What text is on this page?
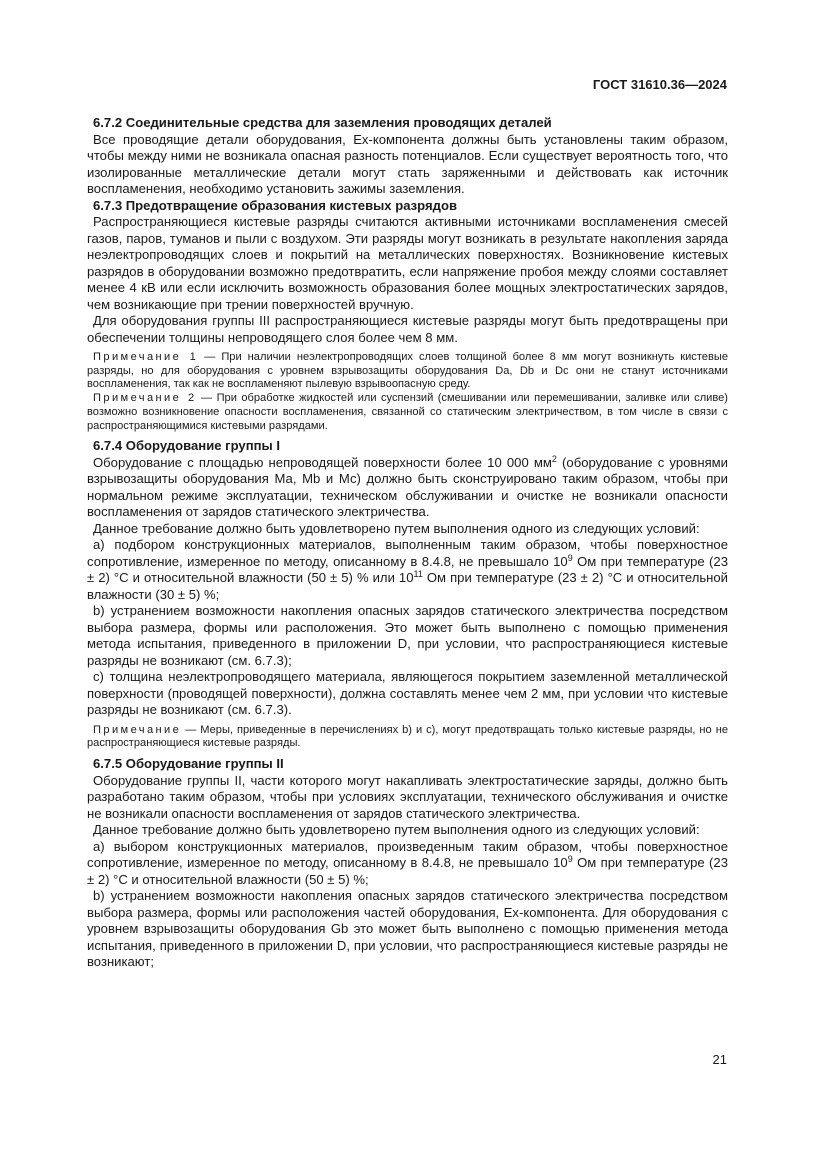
ГОСТ 31610.36—2024

6.7.2 Соединительные средства для заземления проводящих деталей

Все проводящие детали оборудования, Ex-компонента должны быть установлены таким образом, чтобы между ними не возникала опасная разность потенциалов. Если существует вероятность того, что изолированные металлические детали могут стать заряженными и действовать как источник воспламенения, необходимо установить зажимы заземления.

6.7.3 Предотвращение образования кистевых разрядов

Распространяющиеся кистевые разряды считаются активными источниками воспламенения смесей газов, паров, туманов и пыли с воздухом. Эти разряды могут возникать в результате накопления заряда неэлектропроводящих слоев и покрытий на металлических поверхностях. Возникновение кистевых разрядов в оборудовании возможно предотвратить, если напряжение пробоя между слоями составляет менее 4 кВ или если исключить возможность образования более мощных электростатических зарядов, чем возникающие при трении поверхностей вручную.

Для оборудования группы III распространяющиеся кистевые разряды могут быть предотвращены при обеспечении толщины непроводящего слоя более чем 8 мм.

Примечание 1 — При наличии неэлектропроводящих слоев толщиной более 8 мм могут возникнуть кистевые разряды, но для оборудования с уровнем взрывозащиты оборудования Da, Db и Dc они не станут источниками воспламенения, так как не воспламеняют пылевую взрывоопасную среду.

Примечание 2 — При обработке жидкостей или суспензий (смешивании или перемешивании, заливке или сливе) возможно возникновение опасности воспламенения, связанной со статическим электричеством, в том числе в связи с распространяющимися кистевыми разрядами.

6.7.4 Оборудование группы I

Оборудование с площадью непроводящей поверхности более 10 000 $мм^2$ (оборудование с уровнями взрывозащиты оборудования Ма, Mb и Мс) должно быть сконструировано таким образом, чтобы при нормальном режиме эксплуатации, техническом обслуживании и очистке не возникали опасности воспламенения от зарядов статического электричества.

Данное требование должно быть удовлетворено путем выполнения одного из следующих условий:

а) подбором конструкционных материалов, выполненным таким образом, чтобы поверхностное сопротивление, измеренное по методу, описанному в 8.4.8, не превышало $10^9$ Ом при температуре (23 ± 2) °С и относительной влажности (50 ± 5) % или $10^{11}$ Ом при температуре (23 ± 2) °С и относительной влажности (30 ± 5) %;

b) устранением возможности накопления опасных зарядов статического электричества посредством выбора размера, формы или расположения. Это может быть выполнено с помощью применения метода испытания, приведенного в приложении D, при условии, что распространяющиеся кистевые разряды не возникают (см. 6.7.3);

с) толщина неэлектропроводящего материала, являющегося покрытием заземленной металлической поверхности (проводящей поверхности), должна составлять менее чем 2 мм, при условии что кистевые разряды не возникают (см. 6.7.3).

Примечание — Меры, приведенные в перечислениях b) и с), могут предотвращать только кистевые разряды, но не распространяющиеся кистевые разряды.

6.7.5 Оборудование группы II

Оборудование группы II, части которого могут накапливать электростатические заряды, должно быть разработано таким образом, чтобы при условиях эксплуатации, технического обслуживания и очистке не возникали опасности воспламенения от зарядов статического электричества.

Данное требование должно быть удовлетворено путем выполнения одного из следующих условий:

а) выбором конструкционных материалов, произведенным таким образом, чтобы поверхностное сопротивление, измеренное по методу, описанному в 8.4.8, не превышало $10^9$ Ом при температуре (23 ± 2) °С и относительной влажности (50 ± 5) %;

b) устранением возможности накопления опасных зарядов статического электричества посредством выбора размера, формы или расположения частей оборудования, Ex-компонента. Для оборудования с уровнем взрывозащиты оборудования Gb это может быть выполнено с помощью применения метода испытания, приведенного в приложении D, при условии, что распространяющиеся кистевые разряды не возникают;

21
